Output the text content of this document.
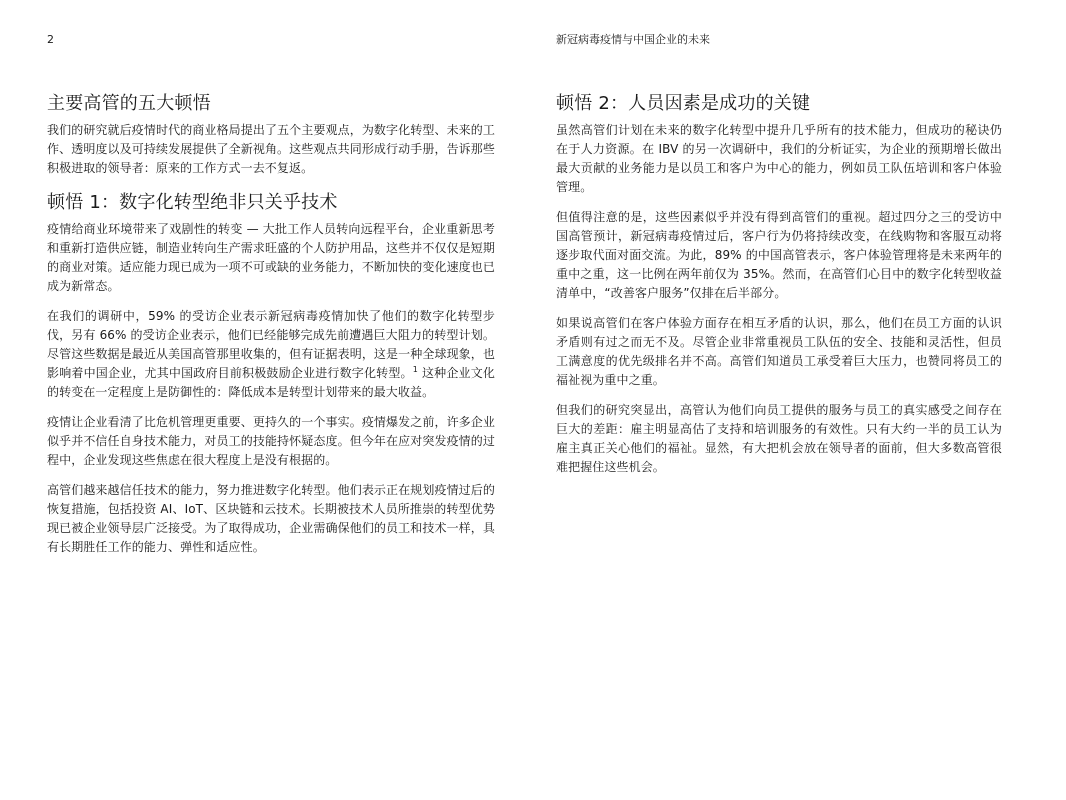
2	新冠病毒疫情与中国企业的未来
主要高管的五大顿悟

我们的研究就后疫情时代的商业格局提出了五个主要观点，为数字化转型、未来的工作、透明度以及可持续发展提供了全新视角。这些观点共同形成行动手册，告诉那些积极进取的领导者：原来的工作方式一去不复返。

顿悟 1：数字化转型绝非只关乎技术

疫情给商业环境带来了戏剧性的转变 — 大批工作人员转向远程平台，企业重新思考和重新打造供应链，制造业转向生产需求旺盛的个人防护用品，这些并不仅仅是短期的商业对策。适应能力现已成为一项不可或缺的业务能力，不断加快的变化速度也已成为新常态。

在我们的调研中，59% 的受访企业表示新冠病毒疫情加快了他们的数字化转型步伐，另有 66% 的受访企业表示，他们已经能够完成先前遭遇巨大阻力的转型计划。尽管这些数据是最近从美国高管那里收集的，但有证据表明，这是一种全球现象，也影响着中国企业，尤其中国政府目前积极鼓励企业进行数字化转型。$^1$ 这种企业文化的转变在一定程度上是防御性的：降低成本是转型计划带来的最大收益。

疫情让企业看清了比危机管理更重要、更持久的一个事实。疫情爆发之前，许多企业似乎并不信任自身技术能力，对员工的技能持怀疑态度。但今年在应对突发疫情的过程中，企业发现这些焦虑在很大程度上是没有根据的。

高管们越来越信任技术的能力，努力推进数字化转型。他们表示正在规划疫情过后的恢复措施，包括投资 AI、IoT、区块链和云技术。长期被技术人员所推崇的转型优势现已被企业领导层广泛接受。为了取得成功，企业需确保他们的员工和技术一样，具有长期胜任工作的能力、弹性和适应性。

顿悟 2：人员因素是成功的关键

虽然高管们计划在未来的数字化转型中提升几乎所有的技术能力，但成功的秘诀仍在于人力资源。在 IBV 的另一次调研中，我们的分析证实，为企业的预期增长做出最大贡献的业务能力是以员工和客户为中心的能力，例如员工队伍培训和客户体验管理。

但值得注意的是，这些因素似乎并没有得到高管们的重视。超过四分之三的受访中国高管预计，新冠病毒疫情过后，客户行为仍将持续改变，在线购物和客服互动将逐步取代面对面交流。为此，89% 的中国高管表示，客户体验管理将是未来两年的重中之重，这一比例在两年前仅为 35%。然而，在高管们心目中的数字化转型收益清单中，“改善客户服务”仅排在后半部分。

如果说高管们在客户体验方面存在相互矛盾的认识，那么，他们在员工方面的认识矛盾则有过之而无不及。尽管企业非常重视员工队伍的安全、技能和灵活性，但员工满意度的优先级排名并不高。高管们知道员工承受着巨大压力，也赞同将员工的福祉视为重中之重。

但我们的研究突显出，高管认为他们向员工提供的服务与员工的真实感受之间存在巨大的差距：雇主明显高估了支持和培训服务的有效性。只有大约一半的员工认为雇主真正关心他们的福祉。显然，有大把机会放在领导者的面前，但大多数高管很难把握住这些机会。
